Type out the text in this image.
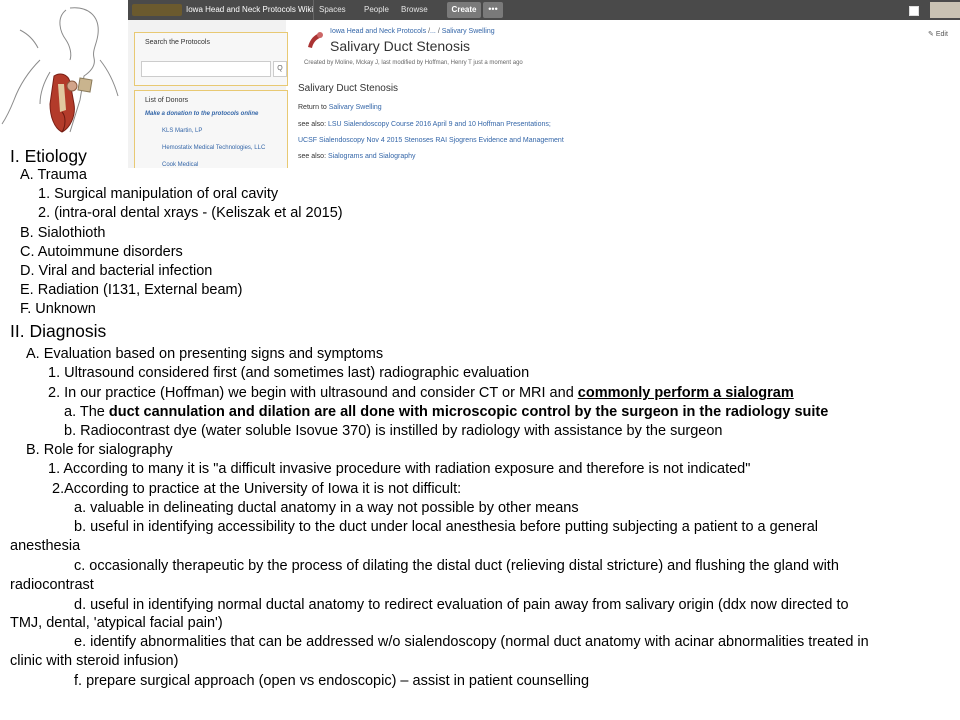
Iowa Head and Neck Protocols Wiki Spaces People Browse	Create	•••
Search the Protocols
Q
List of Donors
Make a donation to the protocols online
KLS Martin, LP
Hemostatix Medical Technologies, LLC
Cook Medical
Iowa Head and Neck Protocols /... / Salivary Swelling
Salivary Duct Stenosis
✎ Edit
Created by Moline, Mckay J, last modified by Hoffman, Henry T just a moment ago
Salivary Duct Stenosis
Return to Salivary Swelling
see also: LSU Sialendoscopy Course 2016 April 9 and 10 Hoffman Presentations;
UCSF Sialendoscopy Nov 4 2015 Stenoses RAI Sjogrens Evidence and Management
see also: Sialograms and Sialography
I. Etiology
A. Trauma
1. Surgical manipulation of oral cavity
2. (intra-oral dental xrays - (Keliszak et al 2015)
B. Sialothioth
C. Autoimmune disorders
D. Viral and bacterial infection
E. Radiation (I131, External beam)
F. Unknown
II. Diagnosis
A. Evaluation based on presenting signs and symptoms
1. Ultrasound considered first (and sometimes last) radiographic evaluation
2. In our practice (Hoffman) we begin with ultrasound and consider CT or MRI and commonly perform a sialogram
a. The duct cannulation and dilation are all done with microscopic control by the surgeon in the radiology suite
b. Radiocontrast dye (water soluble Isovue 370) is instilled by radiology with assistance by the surgeon
B. Role for sialography
1. According to many it is "a difficult invasive procedure with radiation exposure and therefore is not indicated"
2.According to practice at the University of Iowa it is not difficult:
a. valuable in delineating ductal anatomy in a way not possible by other means
b. useful in identifying accessibility to the duct under local anesthesia before putting subjecting a patient to a general
anesthesia
c. occasionally therapeutic by the process of dilating the distal duct (relieving distal stricture) and flushing the gland with
radiocontrast
d. useful in identifying normal ductal anatomy to redirect evaluation of pain away from salivary origin (ddx now directed to
TMJ, dental, 'atypical facial pain')
e. identify abnormalities that can be addressed w/o sialendoscopy (normal duct anatomy with acinar abnormalities treated in
clinic with steroid infusion)
f. prepare surgical approach (open vs endoscopic) – assist in patient counselling
